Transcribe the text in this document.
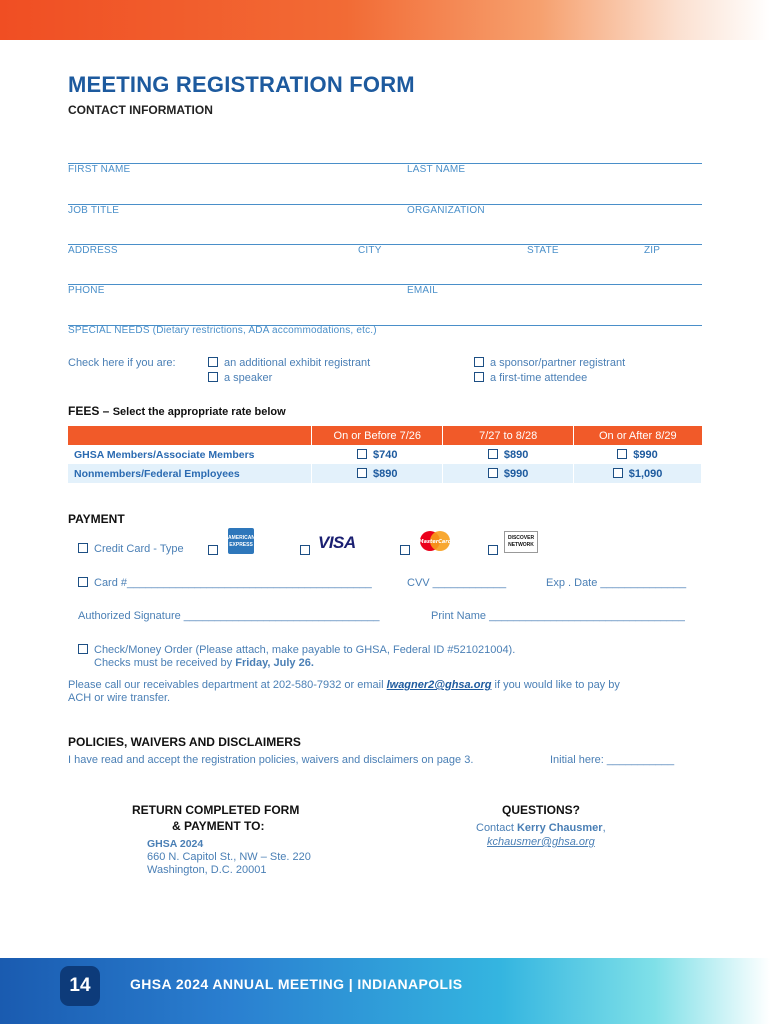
MEETING REGISTRATION FORM
CONTACT INFORMATION
FIRST NAME	LAST NAME
JOB TITLE	ORGANIZATION
ADDRESS	CITY	STATE	ZIP
PHONE	EMAIL
SPECIAL NEEDS (Dietary restrictions, ADA accommodations, etc.)
Check here if you are:	an additional exhibit registrant
a speaker
a sponsor/partner registrant
a first-time attendee
FEES – Select the appropriate rate below
	On or Before 7/26	7/27 to 8/28	On or After 8/29
GHSA Members/Associate Members	$740	$890	$990
Nonmembers/Federal Employees	$890	$990	$1,090
PAYMENT
Credit Card - Type
AMERICAN EXPRESS	VISA	MasterCard
DISCOVER NETWORK
Card #________________________________________	CVV ____________	Exp . Date ______________
Authorized Signature ________________________________	Print Name ________________________________
Check/Money Order (Please attach, make payable to GHSA, Federal ID #521021004).
Checks must be received by Friday, July 26.
Please call our receivables department at 202-580-7932 or email lwagner2@ghsa.org if you would like to pay by
ACH or wire transfer.
POLICIES, WAIVERS AND DISCLAIMERS
I have read and accept the registration policies, waivers and disclaimers on page 3.	Initial here: ___________
RETURN COMPLETED FORM
& PAYMENT TO:
GHSA 2024
660 N. Capitol St., NW – Ste. 220
Washington, D.C. 20001
QUESTIONS?
Contact Kerry Chausmer,
kchausmer@ghsa.org
14	GHSA 2024 ANNUAL MEETING | INDIANAPOLIS
